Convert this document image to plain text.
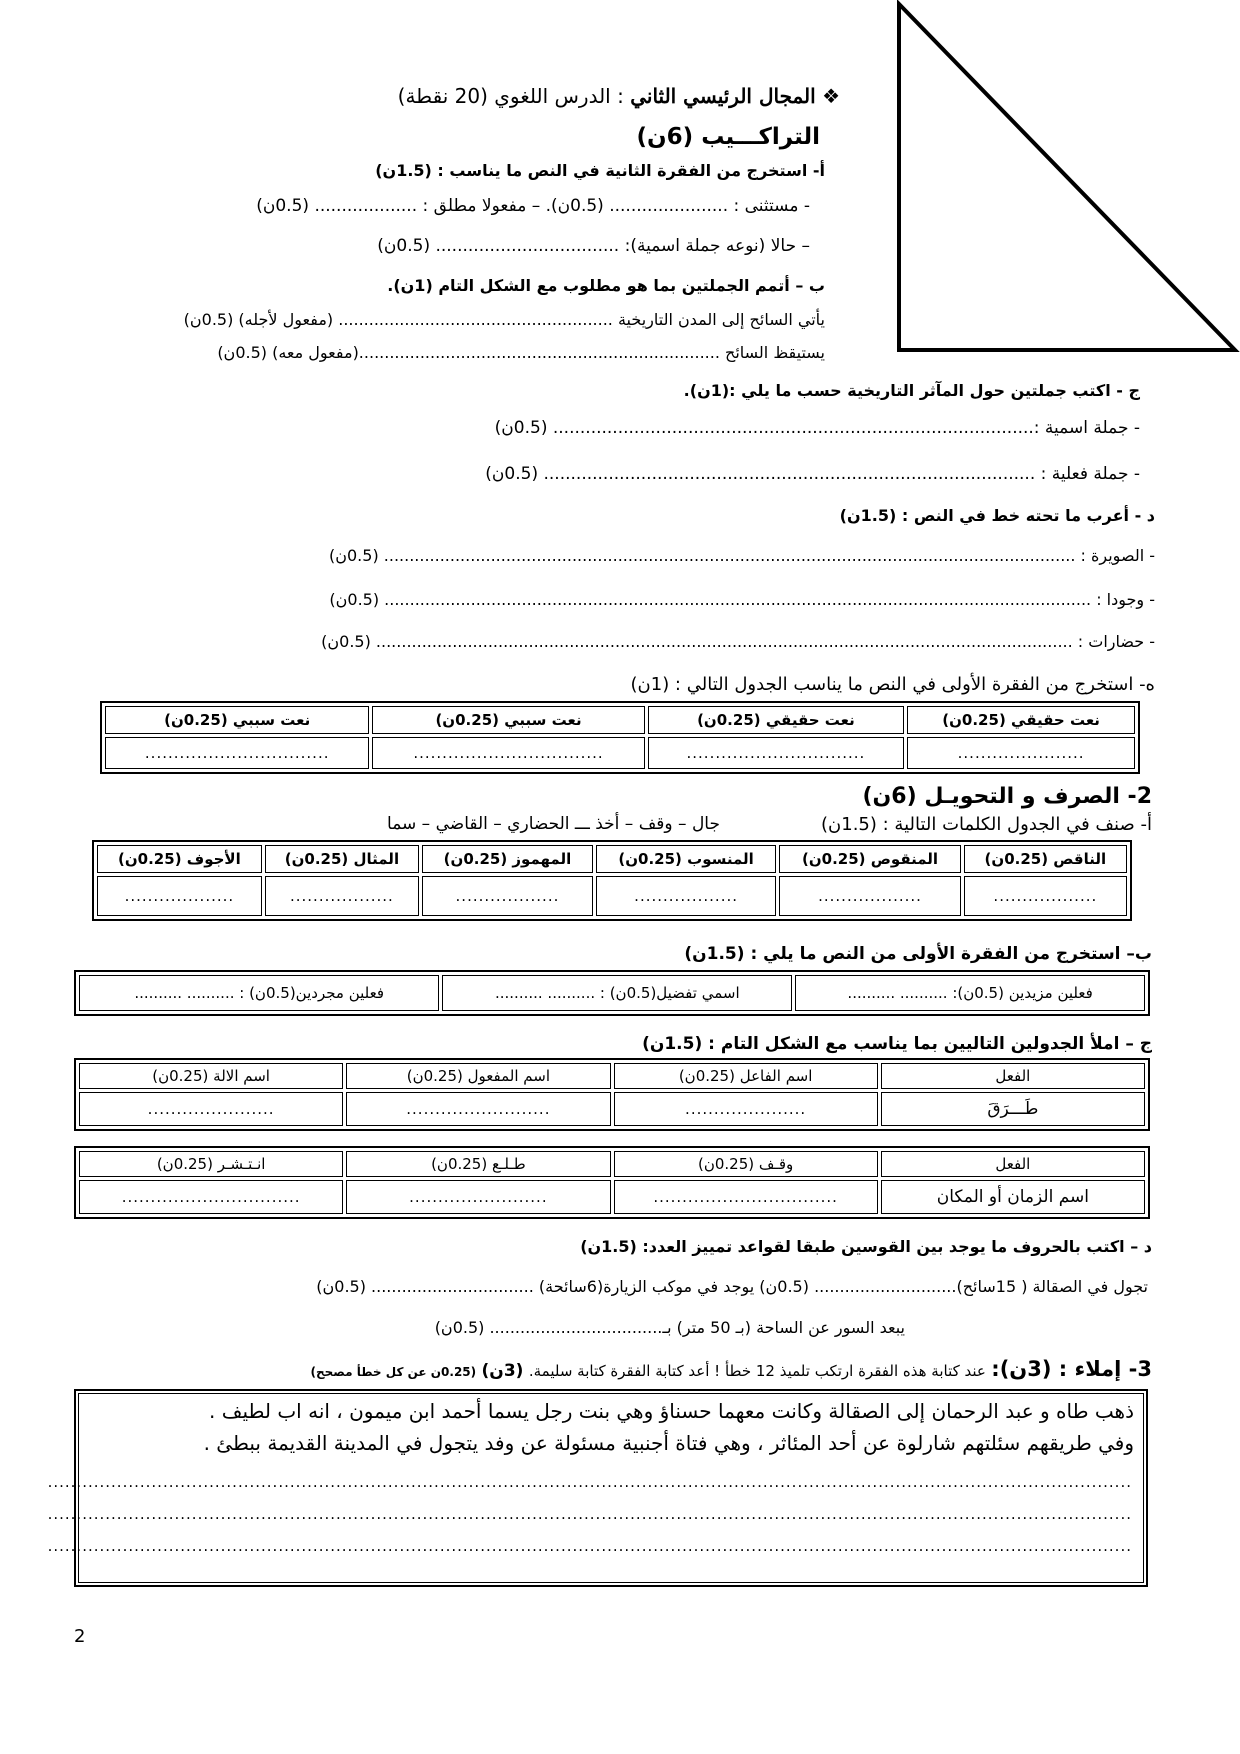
❖ المجال الرئيسي الثاني : الدرس اللغوي (20 نقطة)
التراكـــيب (6ن)
أ- استخرج من الفقرة الثانية في النص ما يناسب : (1.5ن)
- مستثنى : ...................... (0.5ن). – مفعولا مطلق : ................... (0.5ن)
– حالا (نوعه جملة اسمية): .................................. (0.5ن)
ب – أتمم الجملتين بما هو مطلوب مع الشكل التام (1ن).
يأتي السائح إلى المدن التاريخية ...................................................... (مفعول لأجله) (0.5ن)
يستيقظ السائح .......................................................................(مفعول معه) (0.5ن)
ج - اكتب جملتين حول المآثر التاريخية حسب ما يلي :(1ن).
- جملة اسمية :......................................................................................... (0.5ن)
- جملة فعلية : ........................................................................................... (0.5ن)
د - أعرب ما تحته خط في النص : (1.5ن)
- الصويرة : ........................................................................................................................................ (0.5ن)
- وجودا : ........................................................................................................................................... (0.5ن)
- حضارات : ......................................................................................................................................... (0.5ن)
ه- استخرج من الفقرة الأولى في النص ما يناسب الجدول التالي : (1ن)
نعت حقيقي (0.25ن)	نعت حقيقي (0.25ن)	نعت سببي (0.25ن)	نعت سببي (0.25ن)
......................	...............................	.................................	................................
2- الصرف و التحويـل (6ن)
أ- صنف في الجدول الكلمات التالية : (1.5ن)
جال – وقف – أخذ ـــ الحضاري – القاضي – سما
الناقص (0.25ن)	المنقوص (0.25ن)	المنسوب (0.25ن)	المهموز (0.25ن)	المثال (0.25ن)	الأجوف (0.25ن)
..................	..................	..................	..................	..................	...................
ب– استخرج من الفقرة الأولى من النص ما يلي : (1.5ن)
فعلين مزيدين (0.5ن): .......... ..........	اسمي تفضيل(0.5ن) : .......... ..........	فعلين مجردين(0.5ن) : .......... ..........
ج – املأ الجدولين التاليين بما يناسب مع الشكل التام : (1.5ن)
الفعل	اسم الفاعل (0.25ن)	اسم المفعول (0.25ن)	اسم الالة (0.25ن)
طَـــرَقَ	.....................	.........................	......................
الفعل	وقـف (0.25ن)	طـلـع (0.25ن)	انـتـشـر (0.25ن)
اسم الزمان أو المكان	................................	........................	...............................
د – اكتب بالحروف ما يوجد بين القوسين طبقا لقواعد تمييز العدد: (1.5ن)
تجول في الصقالة ( 15سائح)............................ (0.5ن) يوجد في موكب الزيارة(6سائحة) ................................ (0.5ن)
يبعد السور عن الساحة (بـ 50 متر) بـ.................................. (0.5ن)
3- إملاء : (3ن): عند كتابة هذه الفقرة ارتكب تلميذ 12 خطأ ! أعد كتابة الفقرة كتابة سليمة. (3ن) (0.25ن عن كل خطأ مصحح)
ذهب طاه و عبد الرحمان إلى الصقالة وكانت معهما حسناؤ وهي بنت رجل يسما أحمد ابن ميمون ، انه اب لطيف .
وفي طريقهم سئلتهم شارلوة عن أحد المئاثر ، وهي فتاة أجنبية مسئولة عن وفد يتجول في المدينة القديمة ببطئ .
............................................................................................................................................................................................
............................................................................................................................................................................................
............................................................................................................................................................................................
2
